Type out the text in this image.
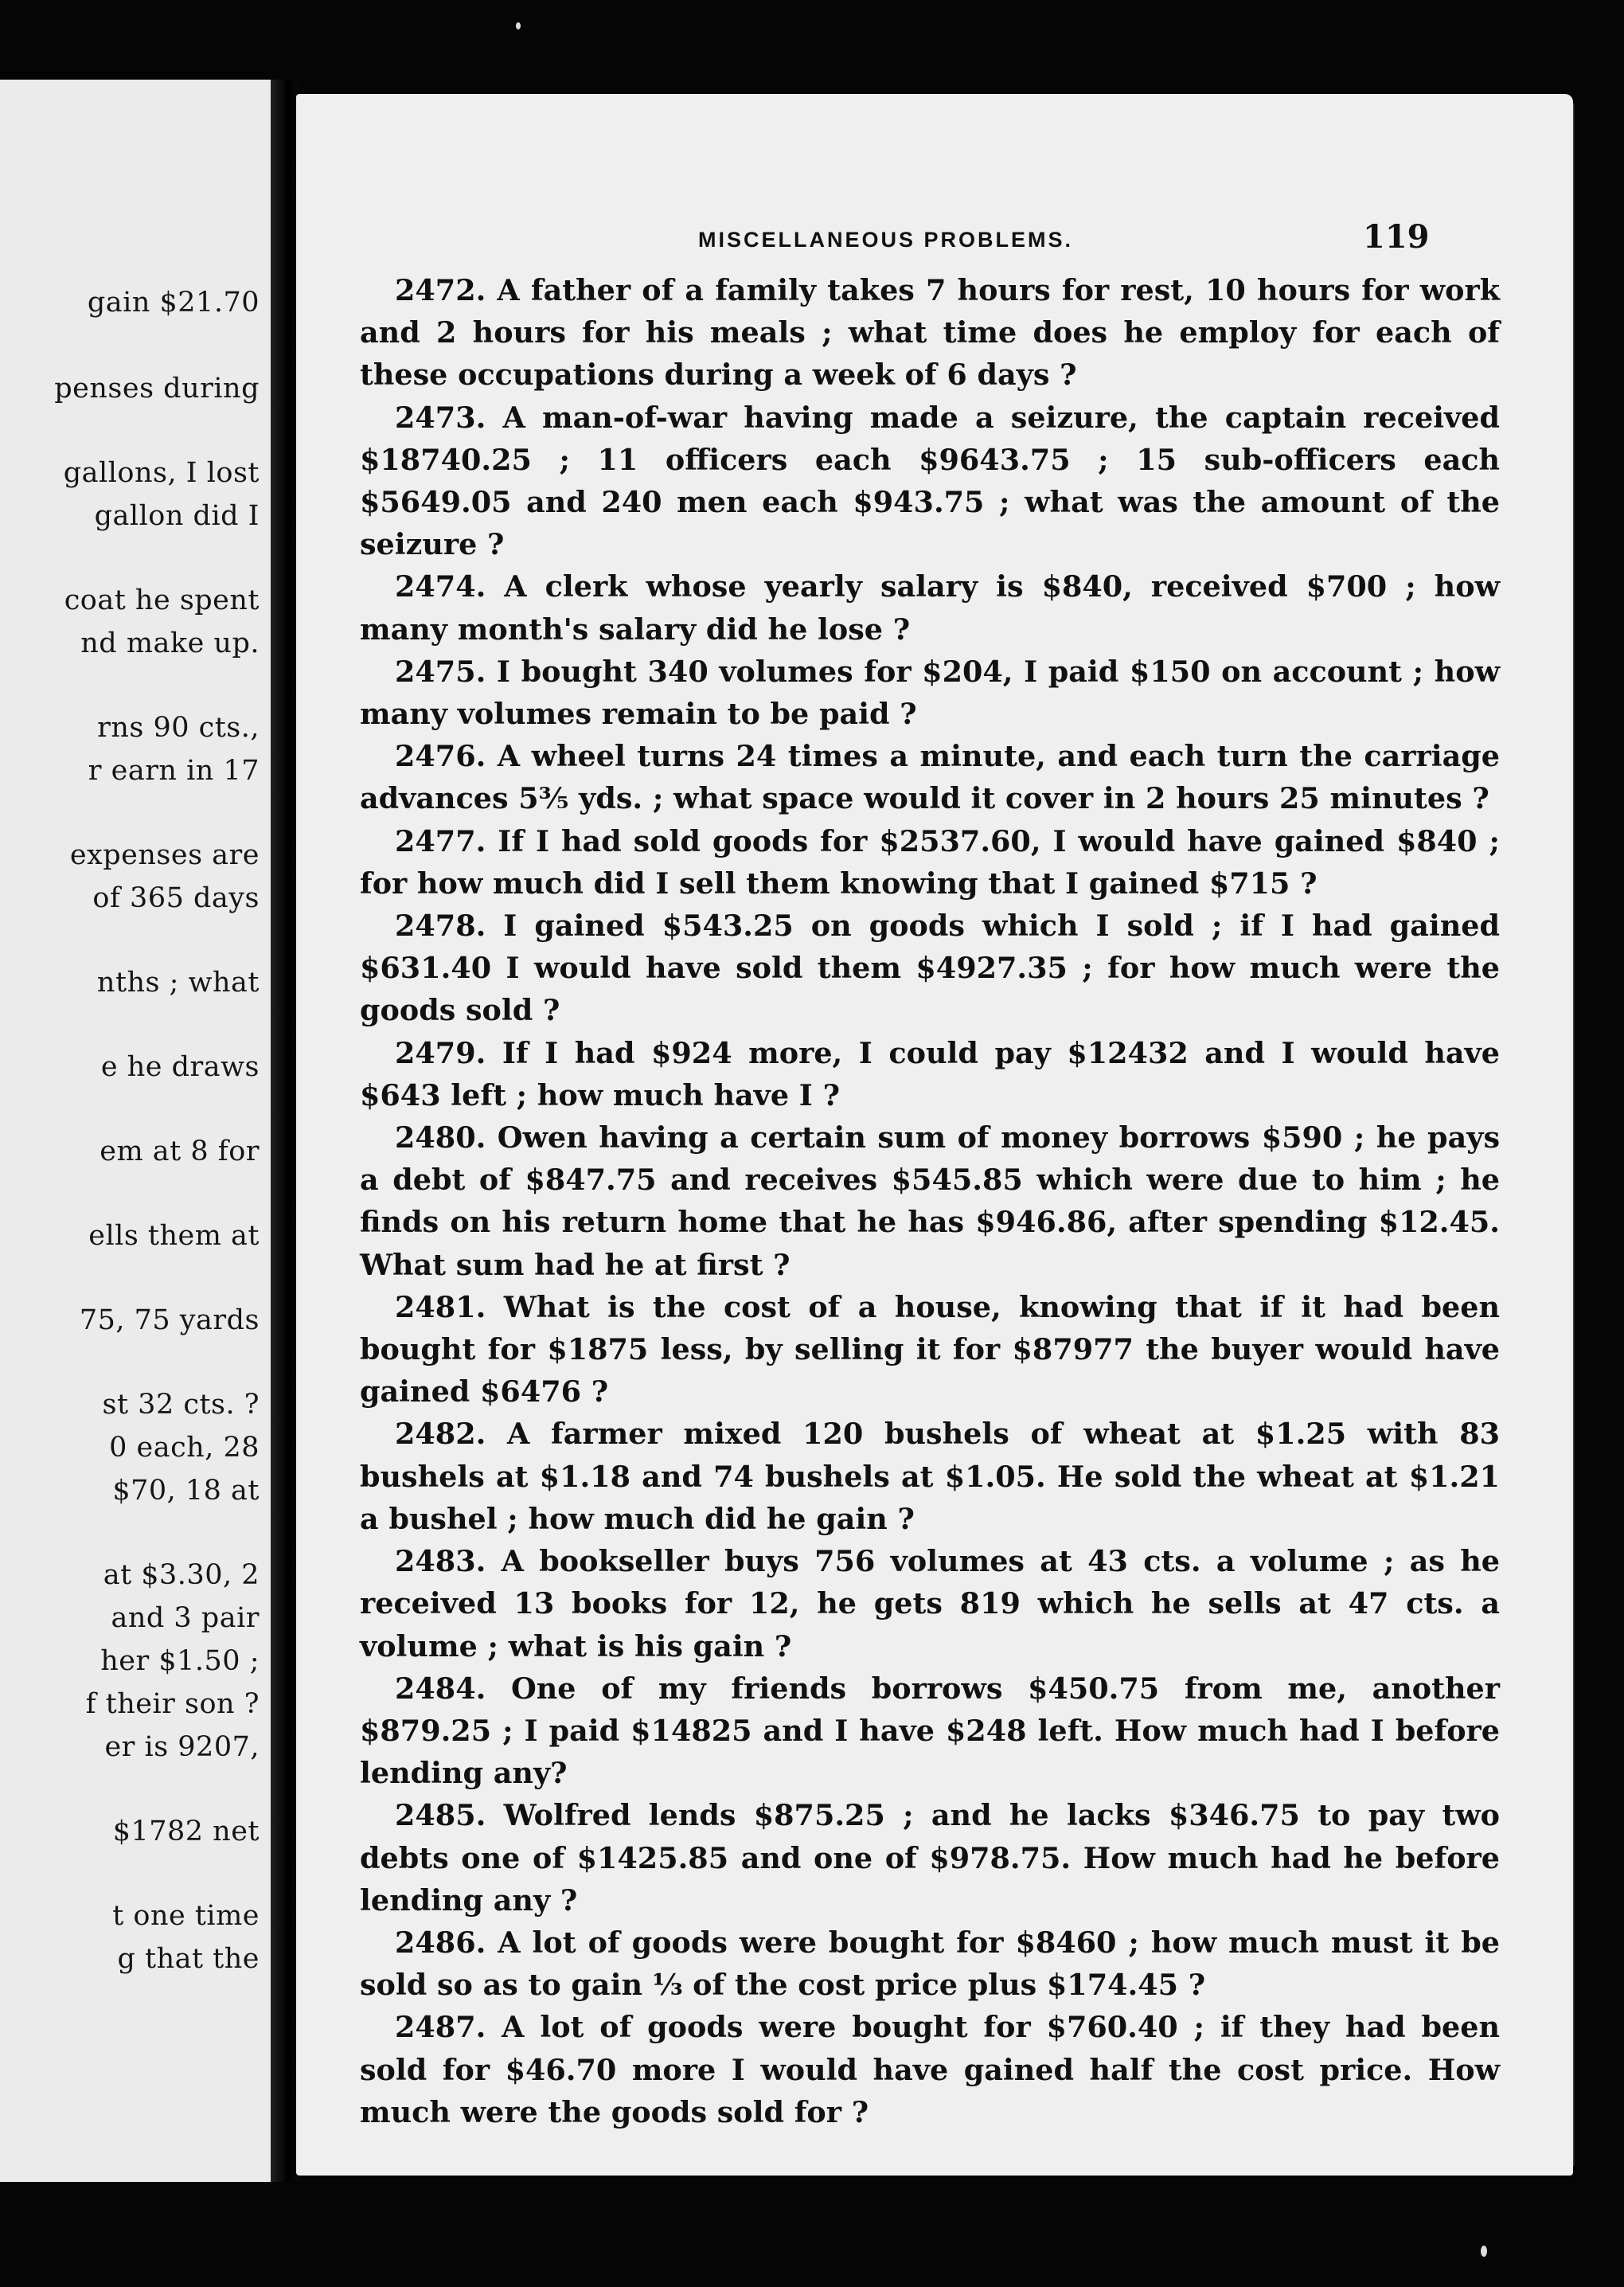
gain $21.70
penses during
gallons, I lost
gallon did I
coat he spent
nd make up.
rns 90 cts.,
r earn in 17
expenses are
of 365 days
nths ; what
e he draws
em at 8 for
ells them at
75, 75 yards
st 32 cts. ?
0 each, 28
$70, 18 at
at $3.30, 2
and 3 pair
her $1.50 ;
f their son ?
er is 9207,
$1782 net
t one time
g that the
MISCELLANEOUS PROBLEMS.	119

2472. A father of a family takes 7 hours for rest, 10 hours for work and 2 hours for his meals ; what time does he employ for each of these occupations during a week of 6 days ?

2473. A man-of-war having made a seizure, the captain received $18740.25 ; 11 officers each $9643.75 ; 15 sub-officers each $5649.05 and 240 men each $943.75 ; what was the amount of the seizure ?

2474. A clerk whose yearly salary is $840, received $700 ; how many month's salary did he lose ?

2475. I bought 340 volumes for $204, I paid $150 on account ; how many volumes remain to be paid ?

2476. A wheel turns 24 times a minute, and each turn the carriage advances 5⅗ yds. ; what space would it cover in 2 hours 25 minutes ?

2477. If I had sold goods for $2537.60, I would have gained $840 ; for how much did I sell them knowing that I gained $715 ?

2478. I gained $543.25 on goods which I sold ; if I had gained $631.40 I would have sold them $4927.35 ; for how much were the goods sold ?

2479. If I had $924 more, I could pay $12432 and I would have $643 left ; how much have I ?

2480. Owen having a certain sum of money borrows $590 ; he pays a debt of $847.75 and receives $545.85 which were due to him ; he finds on his return home that he has $946.86, after spending $12.45. What sum had he at first ?

2481. What is the cost of a house, knowing that if it had been bought for $1875 less, by selling it for $87977 the buyer would have gained $6476 ?

2482. A farmer mixed 120 bushels of wheat at $1.25 with 83 bushels at $1.18 and 74 bushels at $1.05. He sold the wheat at $1.21 a bushel ; how much did he gain ?

2483. A bookseller buys 756 volumes at 43 cts. a volume ; as he received 13 books for 12, he gets 819 which he sells at 47 cts. a volume ; what is his gain ?

2484. One of my friends borrows $450.75 from me, another $879.25 ; I paid $14825 and I have $248 left. How much had I before lending any?

2485. Wolfred lends $875.25 ; and he lacks $346.75 to pay two debts one of $1425.85 and one of $978.75. How much had he before lending any ?

2486. A lot of goods were bought for $8460 ; how much must it be sold so as to gain ⅓ of the cost price plus $174.45 ?

2487. A lot of goods were bought for $760.40 ; if they had been sold for $46.70 more I would have gained half the cost price. How much were the goods sold for ?
